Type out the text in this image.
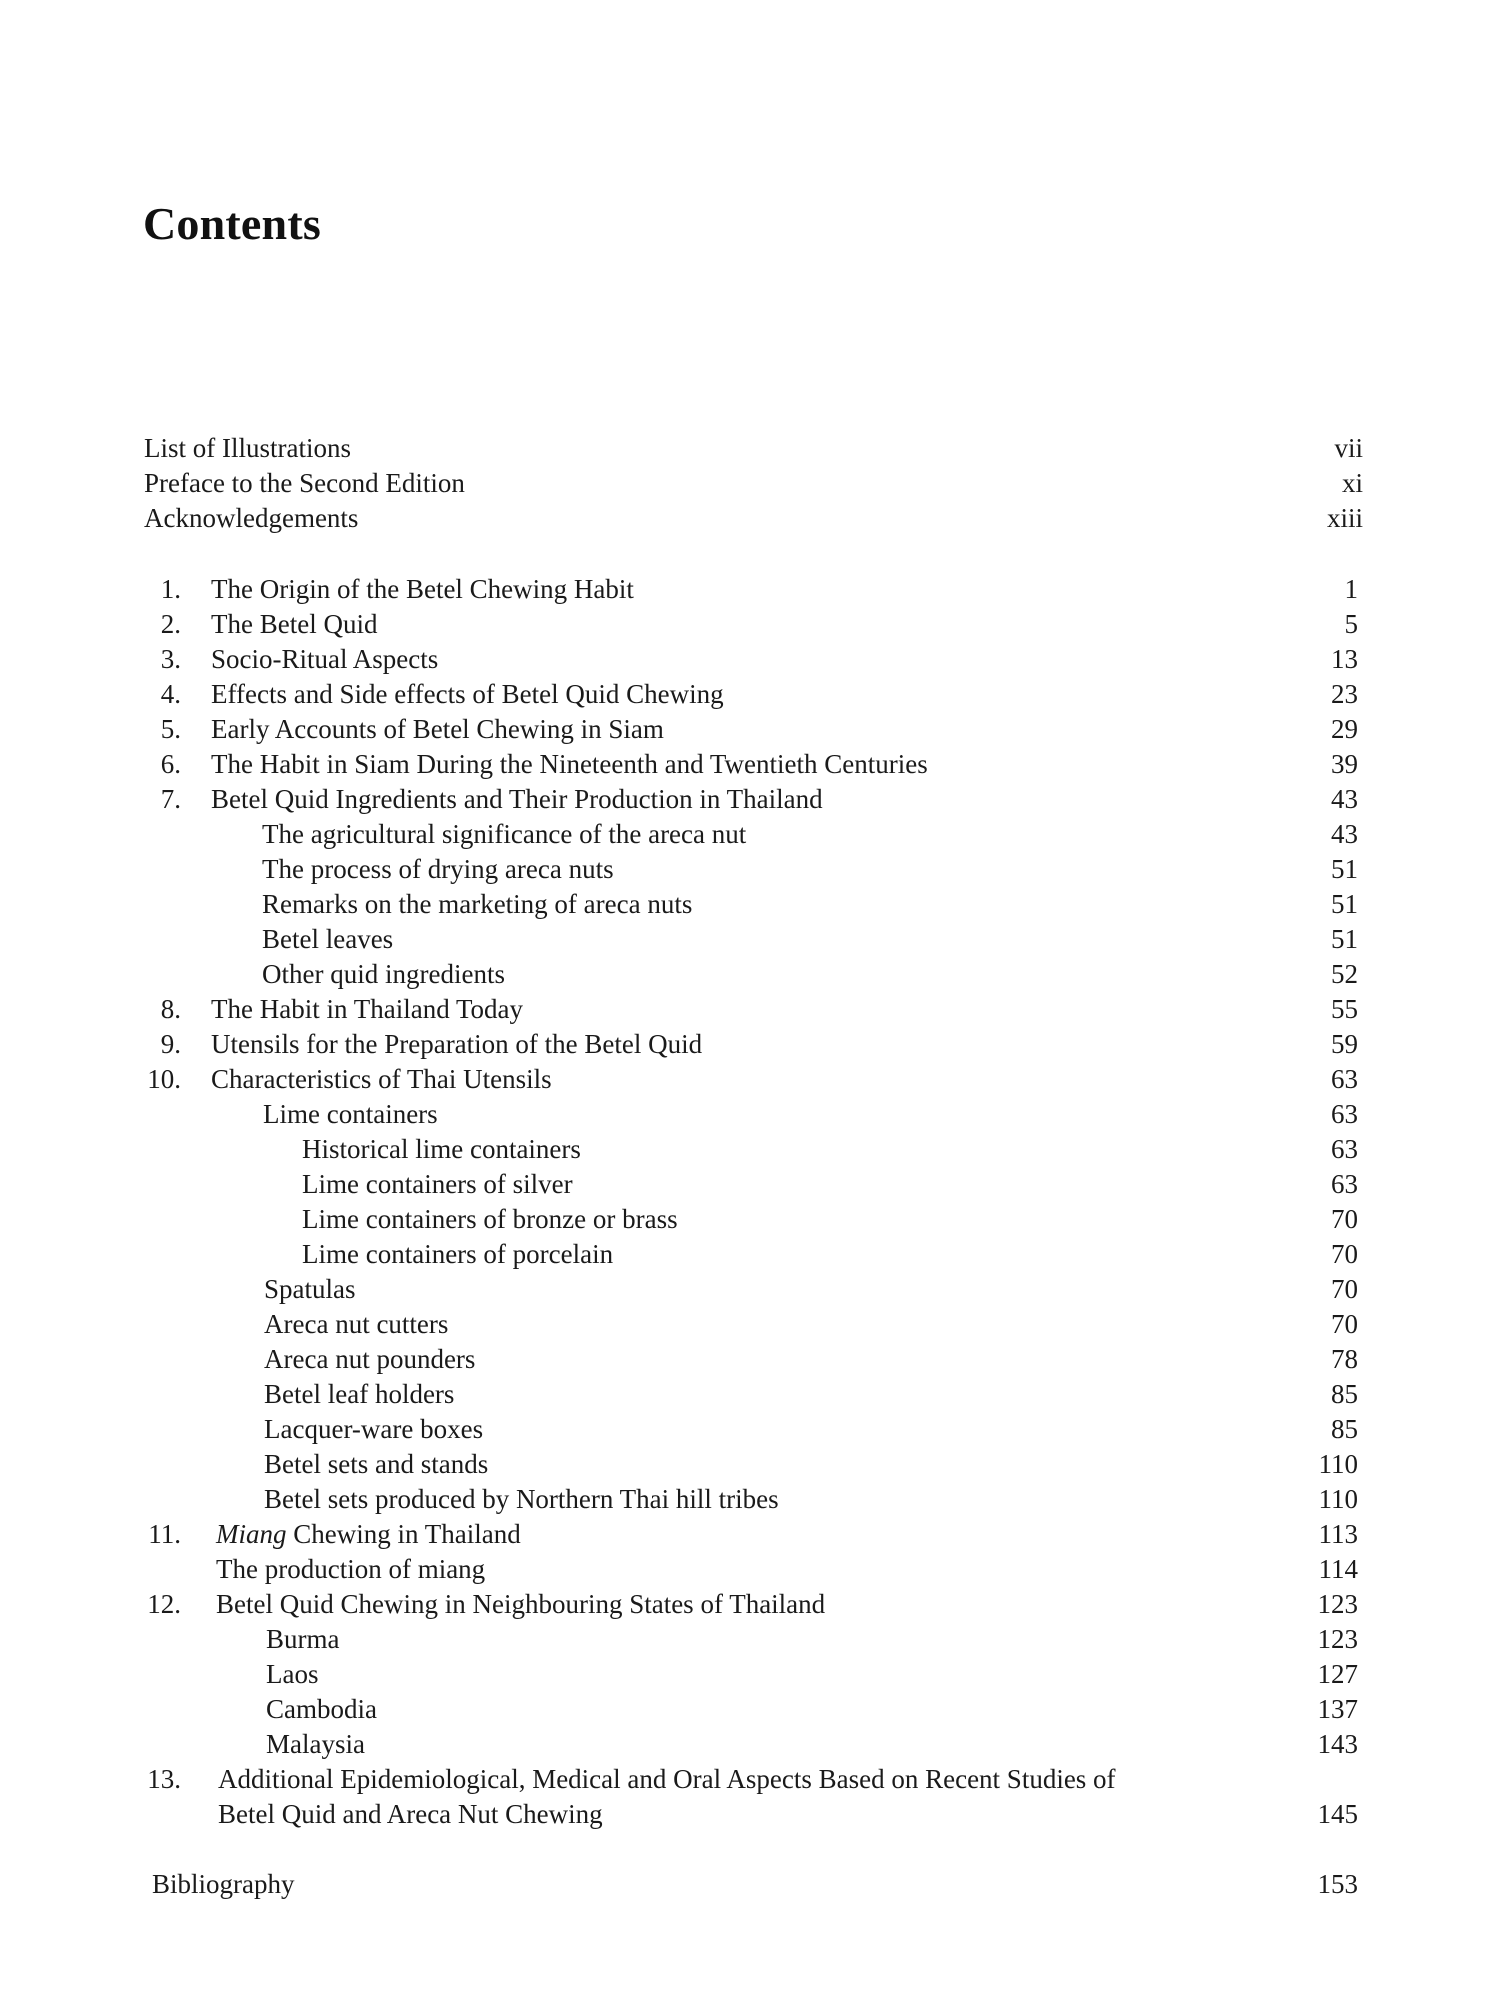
Contents
List of Illustrations	vii
Preface to the Second Edition	xi
Acknowledgements	xiii
1. The Origin of the Betel Chewing Habit	1
2. The Betel Quid	5
3. Socio-Ritual Aspects	13
4. Effects and Side effects of Betel Quid Chewing	23
5. Early Accounts of Betel Chewing in Siam	29
6. The Habit in Siam During the Nineteenth and Twentieth Centuries	39
7. Betel Quid Ingredients and Their Production in Thailand	43
The agricultural significance of the areca nut	43
The process of drying areca nuts	51
Remarks on the marketing of areca nuts	51
Betel leaves	51
Other quid ingredients	52
8. The Habit in Thailand Today	55
9. Utensils for the Preparation of the Betel Quid	59
10. Characteristics of Thai Utensils	63
Lime containers	63
Historical lime containers	63
Lime containers of silver	63
Lime containers of bronze or brass	70
Lime containers of porcelain	70
Spatulas	70
Areca nut cutters	70
Areca nut pounders	78
Betel leaf holders	85
Lacquer-ware boxes	85
Betel sets and stands	110
Betel sets produced by Northern Thai hill tribes	110
11. Miang Chewing in Thailand	113
The production of miang	114
12. Betel Quid Chewing in Neighbouring States of Thailand	123
Burma	123
Laos	127
Cambodia	137
Malaysia	143
13. Additional Epidemiological, Medical and Oral Aspects Based on Recent Studies of
Betel Quid and Areca Nut Chewing	145
Bibliography	153
